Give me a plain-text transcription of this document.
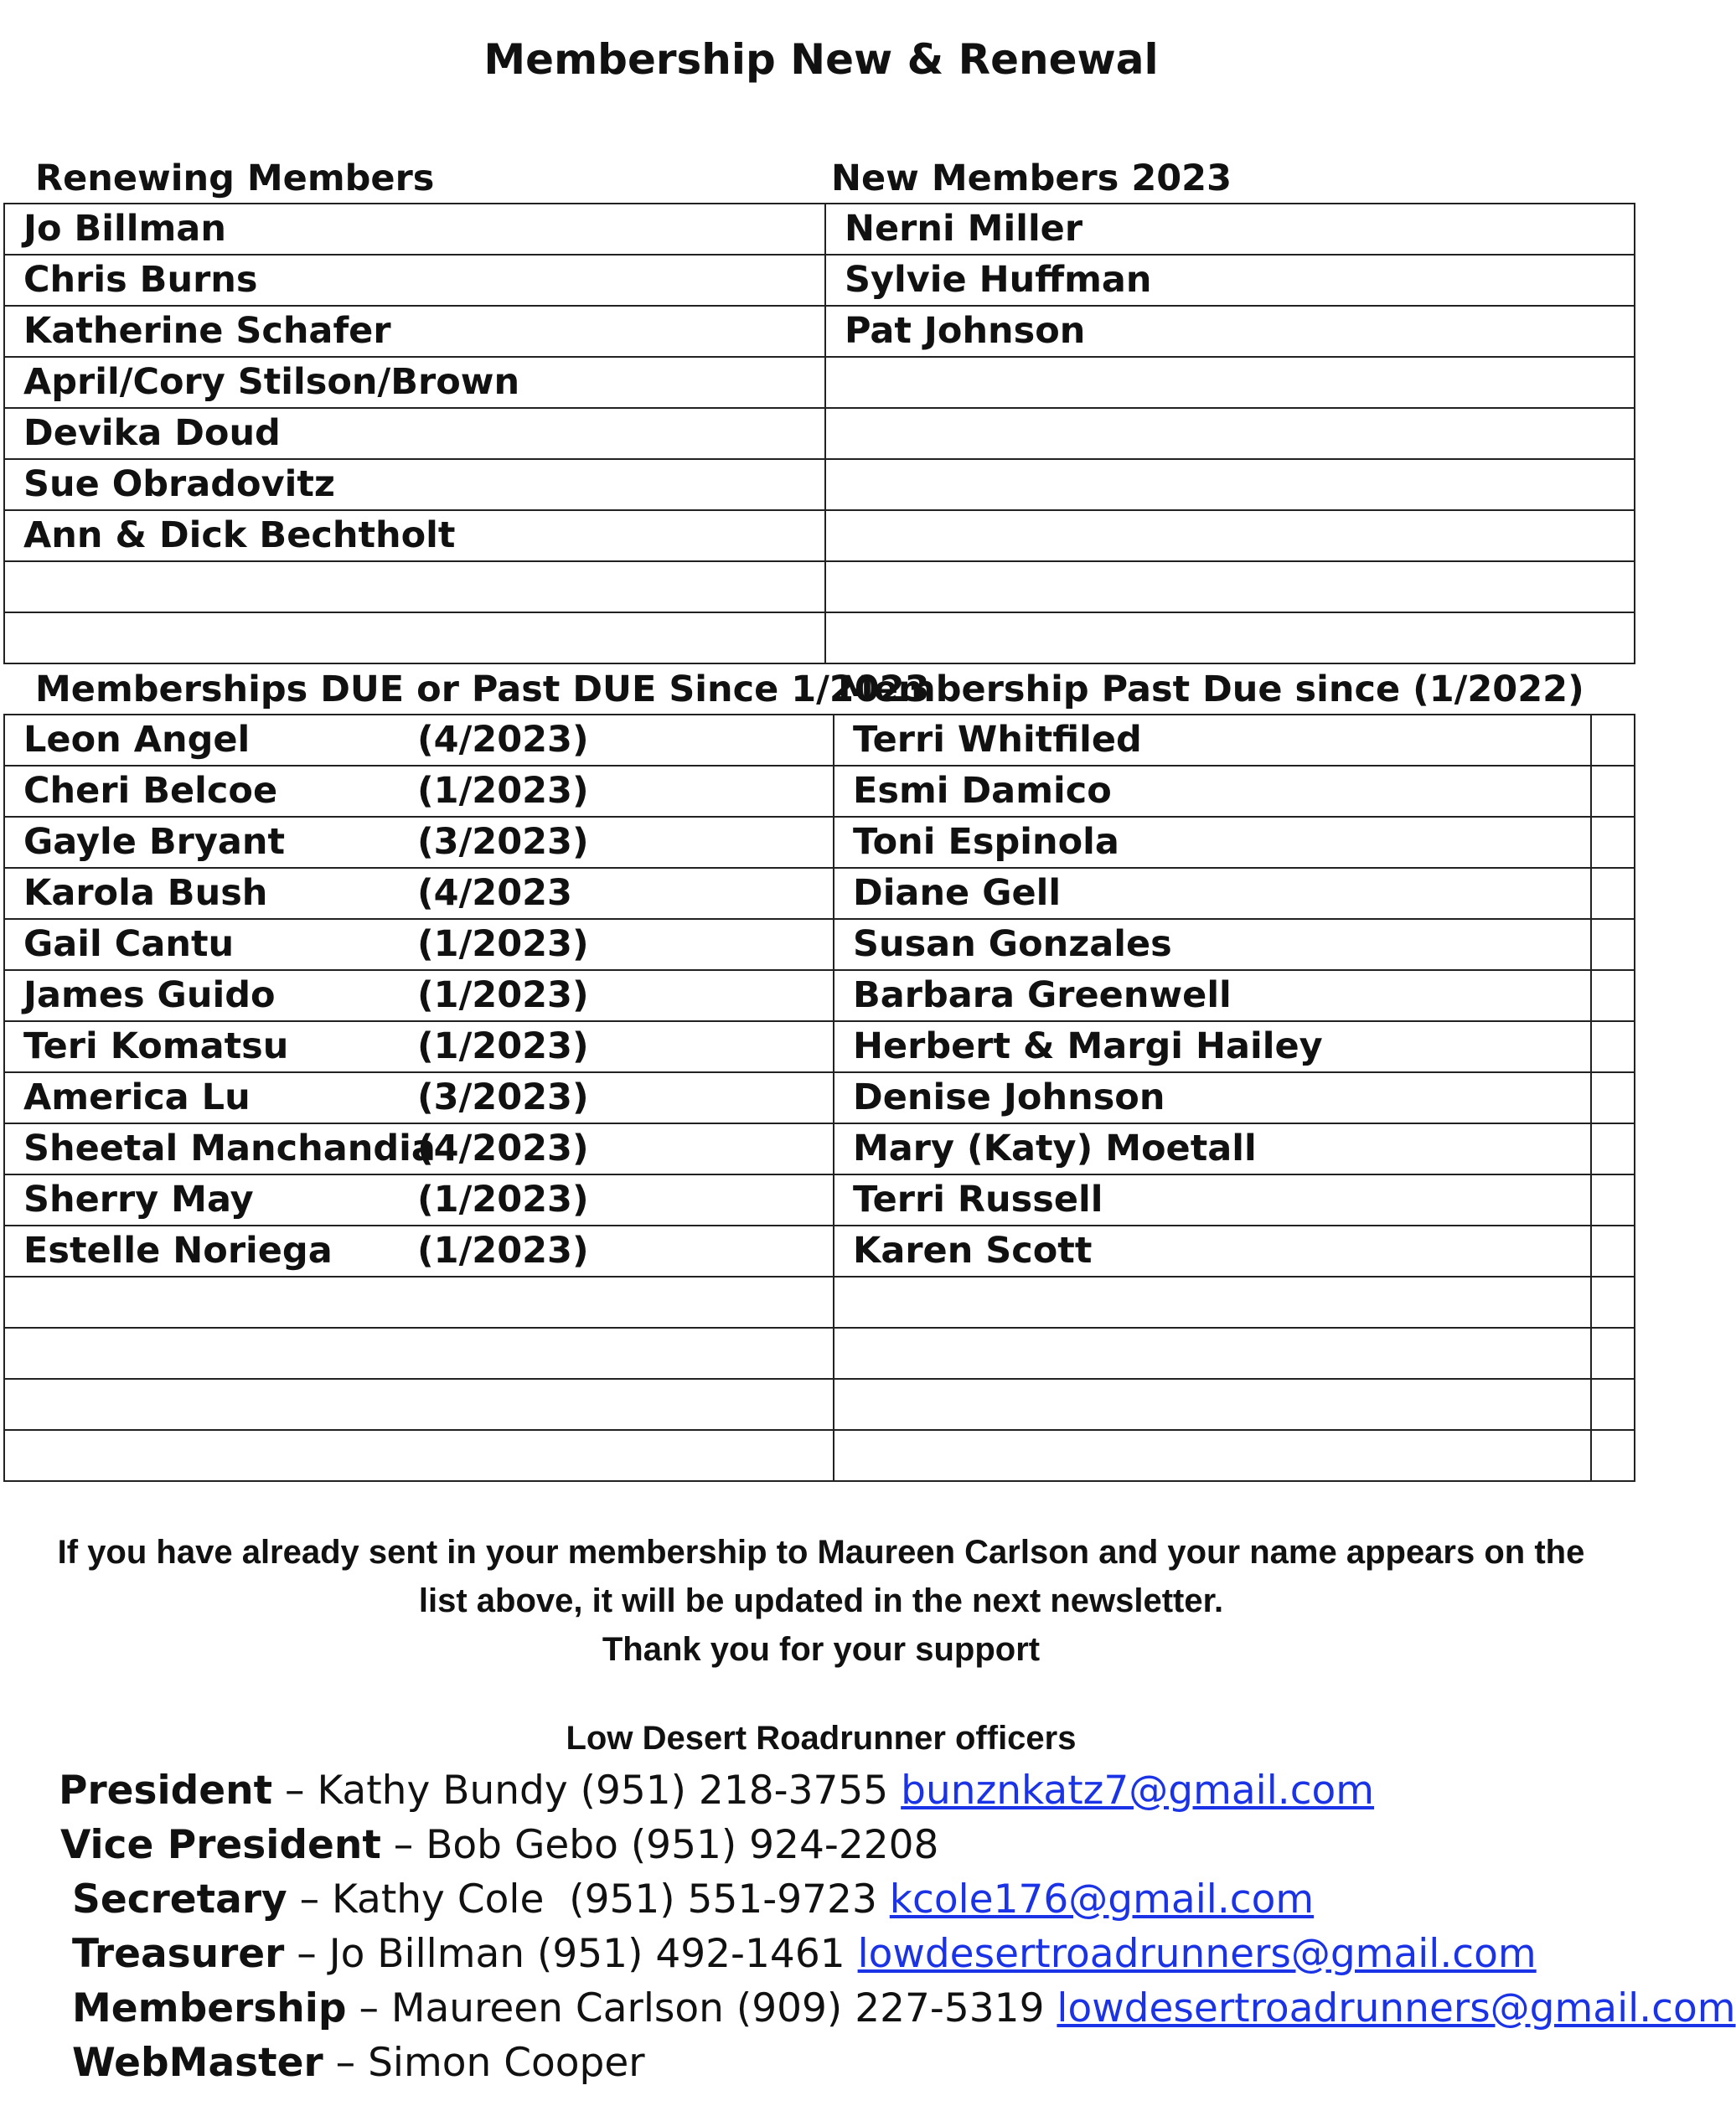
Membership New & Renewal
Renewing Members	New Members 2023
Jo Billman	Nerni Miller
Chris Burns	Sylvie Huffman
Katherine Schafer	Pat Johnson
April/Cory Stilson/Brown	
Devika Doud	
Sue Obradovitz	
Ann & Dick Bechtholt	

Memberships DUE or Past DUE Since 1/2023
Membership Past Due since (1/2022)
Leon Angel (4/2023)	Terri Whitfiled	
Cheri Belcoe (1/2023)	Esmi Damico	
Gayle Bryant (3/2023)	Toni Espinola	
Karola Bush (4/2023	Diane Gell	
Gail Cantu (1/2023)	Susan Gonzales	
James Guido (1/2023)	Barbara Greenwell	
Teri Komatsu (1/2023)	Herbert & Margi Hailey	
America Lu (3/2023)	Denise Johnson	
Sheetal Manchandia(4/2023)	Mary (Katy) Moetall	
Sherry May (1/2023)	Terri Russell	
Estelle Noriega (1/2023)	Karen Scott	

If you have already sent in your membership to Maureen Carlson and your name appears on the
list above, it will be updated in the next newsletter.
Thank you for your support
Low Desert Roadrunner officers
President – Kathy Bundy (951) 218-3755 bunznkatz7@gmail.com
Vice President – Bob Gebo (951) 924-2208
Secretary – Kathy Cole  (951) 551-9723 kcole176@gmail.com
Treasurer – Jo Billman (951) 492-1461 lowdesertroadrunners@gmail.com
Membership – Maureen Carlson (909) 227-5319 lowdesertroadrunners@gmail.com
WebMaster – Simon Cooper
